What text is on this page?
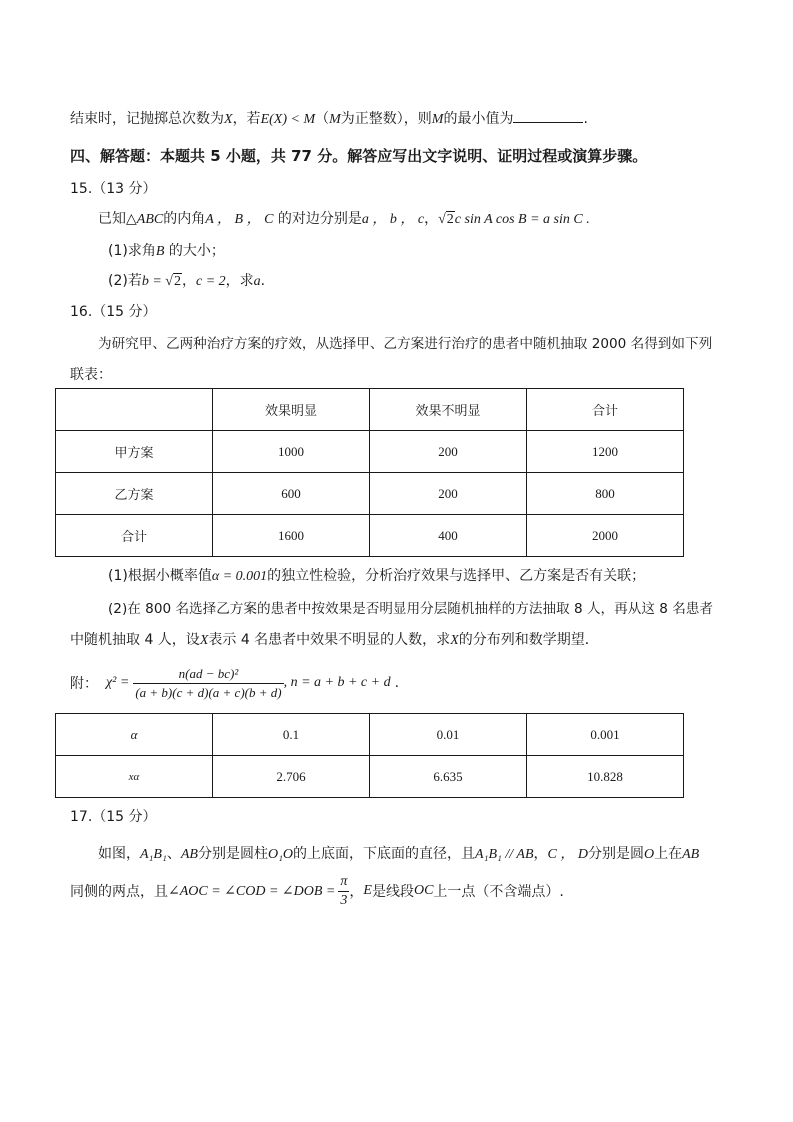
结束时，记抛掷总次数为X，若E(X) < M（M为正整数），则M的最小值为	.
四、解答题：本题共 5 小题，共 77 分。解答应写出文字说明、证明过程或演算步骤。
15.（13 分）
已知△ABC的内角A ， B ， C 的对边分别是a ， b ， c，√2c sin A cos B = a sin C .
(1)求角B 的大小；
(2)若b = √2，c = 2，求a.
16.（15 分）
为研究甲、乙两种治疗方案的疗效，从选择甲、乙方案进行治疗的患者中随机抽取 2000 名得到如下列
联表：
	效果明显	效果不明显	合计
甲方案	1000	200	1200
乙方案	600	200	800
合计	1600	400	2000
(1)根据小概率值α = 0.001的独立性检验，分析治疗效果与选择甲、乙方案是否有关联；
(2)在 800 名选择乙方案的患者中按效果是否明显用分层随机抽样的方法抽取 8 人，再从这 8 名患者
中随机抽取 4 人，设X表示 4 名患者中效果不明显的人数，求X的分布列和数学期望．
附： $\chi^2 = \frac{\text{n(ad − bc)²}}{(a + b)(c + d)(a + c)(b + d)}$ , n = a + b + c + d .
α	0.1	0.01	0.001
xα	2.706	6.635	10.828
17.（15 分）
如图，A₁B₁、AB分别是圆柱O₁O的上底面，下底面的直径，且A₁B₁ // AB，C ， D分别是圆O上在AB
同侧的两点，且 ∠AOC = ∠COD = ∠DOB = $\frac{\pi}{3}$ ， E 是线段 OC 上一点（不含端点）.
